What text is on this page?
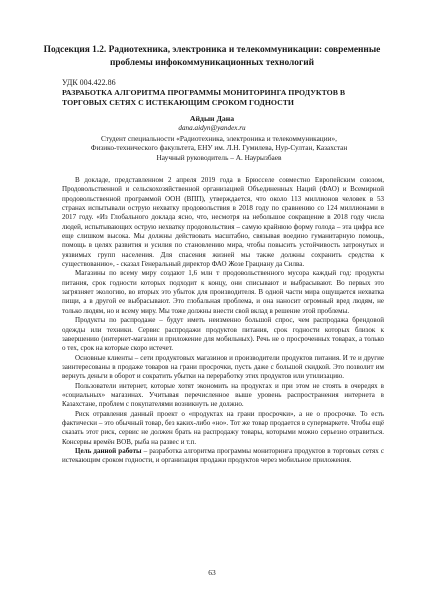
Подсекция 1.2. Радиотехника, электроника и телекоммуникации: современные проблемы инфокоммуникационных технологий
УДК 004.422.86
РАЗРАБОТКА АЛГОРИТМА ПРОГРАММЫ МОНИТОРИНГА ПРОДУКТОВ В ТОРГОВЫХ СЕТЯХ С ИСТЕКАЮЩИМ СРОКОМ ГОДНОСТИ
Айдын Дана
dana.aidyn@yandex.ru
Студент специальности «Радиотехника, электроника и телекоммуникации»,
Физико-технического факультета, ЕНУ им. Л.Н. Гумилева, Нур-Султан, Казахстан
Научный руководитель – А. Наурызбаев

В докладе, представленном 2 апреля 2019 года в Брюсселе совместно Европейским союзом, Продовольственной и сельскохозяйственной организацией Объединенных Наций (ФАО) и Всемирной продовольственной программой ООН (ВПП), утверждается, что около 113 миллионов человек в 53 странах испытывали острую нехватку продовольствия в 2018 году по сравнению со 124 миллионами в 2017 году. «Из Глобального доклада ясно, что, несмотря на небольшое сокращение в 2018 году числа людей, испытывающих острую нехватку продовольствия – самую крайнюю форму голода – эта цифра все еще слишком высока. Мы должны действовать масштабно, связывая воедино гуманитарную помощь, помощь в целях развития и усилия по становлению мира, чтобы повысить устойчивость затронутых и уязвимых групп населения. Для спасения жизней мы также должны сохранить средства к существованию», - сказал Генеральный директор ФАО Жозе Грациану да Силва.

Магазины по всему миру создают 1,6 млн т продовольственного мусора каждый год: продукты питания, срок годности которых подходит к концу, они списывают и выбрасывают. Во первых это загрязняет экологию, во вторых это убыток для производителя. В одной части мира ощущается нехватка пищи, а в другой ее выбрасывают. Это глобальная проблема, и она наносит огромный вред людям, не только людям, но и всему миру. Мы тоже должны внести свой вклад в решение этой проблемы.

Продукты по распродаже – будут иметь неизменно большой спрос, чем распродажа брендовой одежды или техники. Сервис распродажи продуктов питания, срок годности которых близок к завершению (интернет-магазин и приложение для мобильных). Речь не о просроченных товарах, а только о тех, срок на которые скоро истечет.

Основные клиенты – сети продуктовых магазинов и производители продуктов питания. И те и другие заинтересованы в продаже товаров на грани просрочки, пусть даже с большой скидкой. Это позволит им вернуть деньги в оборот и сократить убытки на переработку этих продуктов или утилизацию.

Пользователи интернет, которые хотят экономить на продуктах и при этом не стоять в очередях в «социальных» магазинах. Учитывая перечисленное выше уровень распространения интернета в Казахстане, проблем с покупателями возникнуть не должно.

Риск отравления данный проект о «продуктах на грани просрочки», а не о просрочке. То есть фактически – это обычный товар, без каких-либо «но». Тот же товар продается в супермаркете. Чтобы ещё сказать этот риск, сервис не должен брать на распродажу товары, которыми можно серьезно отравиться. Консервы времён ВОВ, рыба на развес и т.п.

Цель данной работы – разработка алгоритма программы мониторинга продуктов в торговых сетях с истекающим сроком годности, и организация продажи продуктов через мобильное приложения.

63
